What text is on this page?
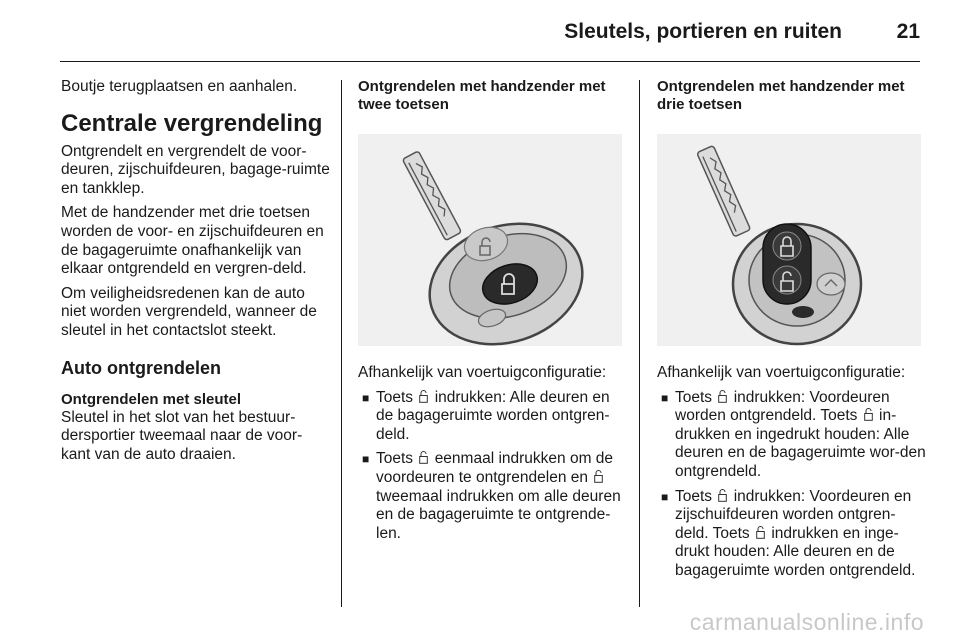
Sleutels, portieren en ruiten	21

Boutje terugplaatsen en aanhalen.

Centrale vergrendeling

Ontgrendelt en vergrendelt de voor-deuren, zijschuifdeuren, bagage-ruimte en tankklep.

Met de handzender met drie toetsen worden de voor- en zijschuifdeuren en de bagageruimte onafhankelijk van elkaar ontgrendeld en vergren-deld.

Om veiligheidsredenen kan de auto niet worden vergrendeld, wanneer de sleutel in het contactslot steekt.

Auto ontgrendelen
Ontgrendelen met sleutel

Sleutel in het slot van het bestuur-dersportier tweemaal naar de voor-kant van de auto draaien.

Ontgrendelen met handzender met twee toetsen

Afhankelijk van voertuigconfiguratie:

■ Toets indrukken: Alle deuren en de bagageruimte worden ontgren-deld.
■ Toets eenmaal indrukken om de voordeuren te ontgrendelen en
tweemaal indrukken om alle deuren en de bagageruimte te ontgrende-len.
Ontgrendelen met handzender met drie toetsen

Afhankelijk van voertuigconfiguratie:

■ Toets indrukken: Voordeuren worden ontgrendeld. Toets in-drukken en ingedrukt houden: Alle deuren en de bagageruimte wor-den ontgrendeld.
■ Toets indrukken: Voordeuren en zijschuifdeuren worden ontgren-deld. Toets indrukken en inge-drukt houden: Alle deuren en de bagageruimte worden ontgrendeld.
carmanualsonline.info
